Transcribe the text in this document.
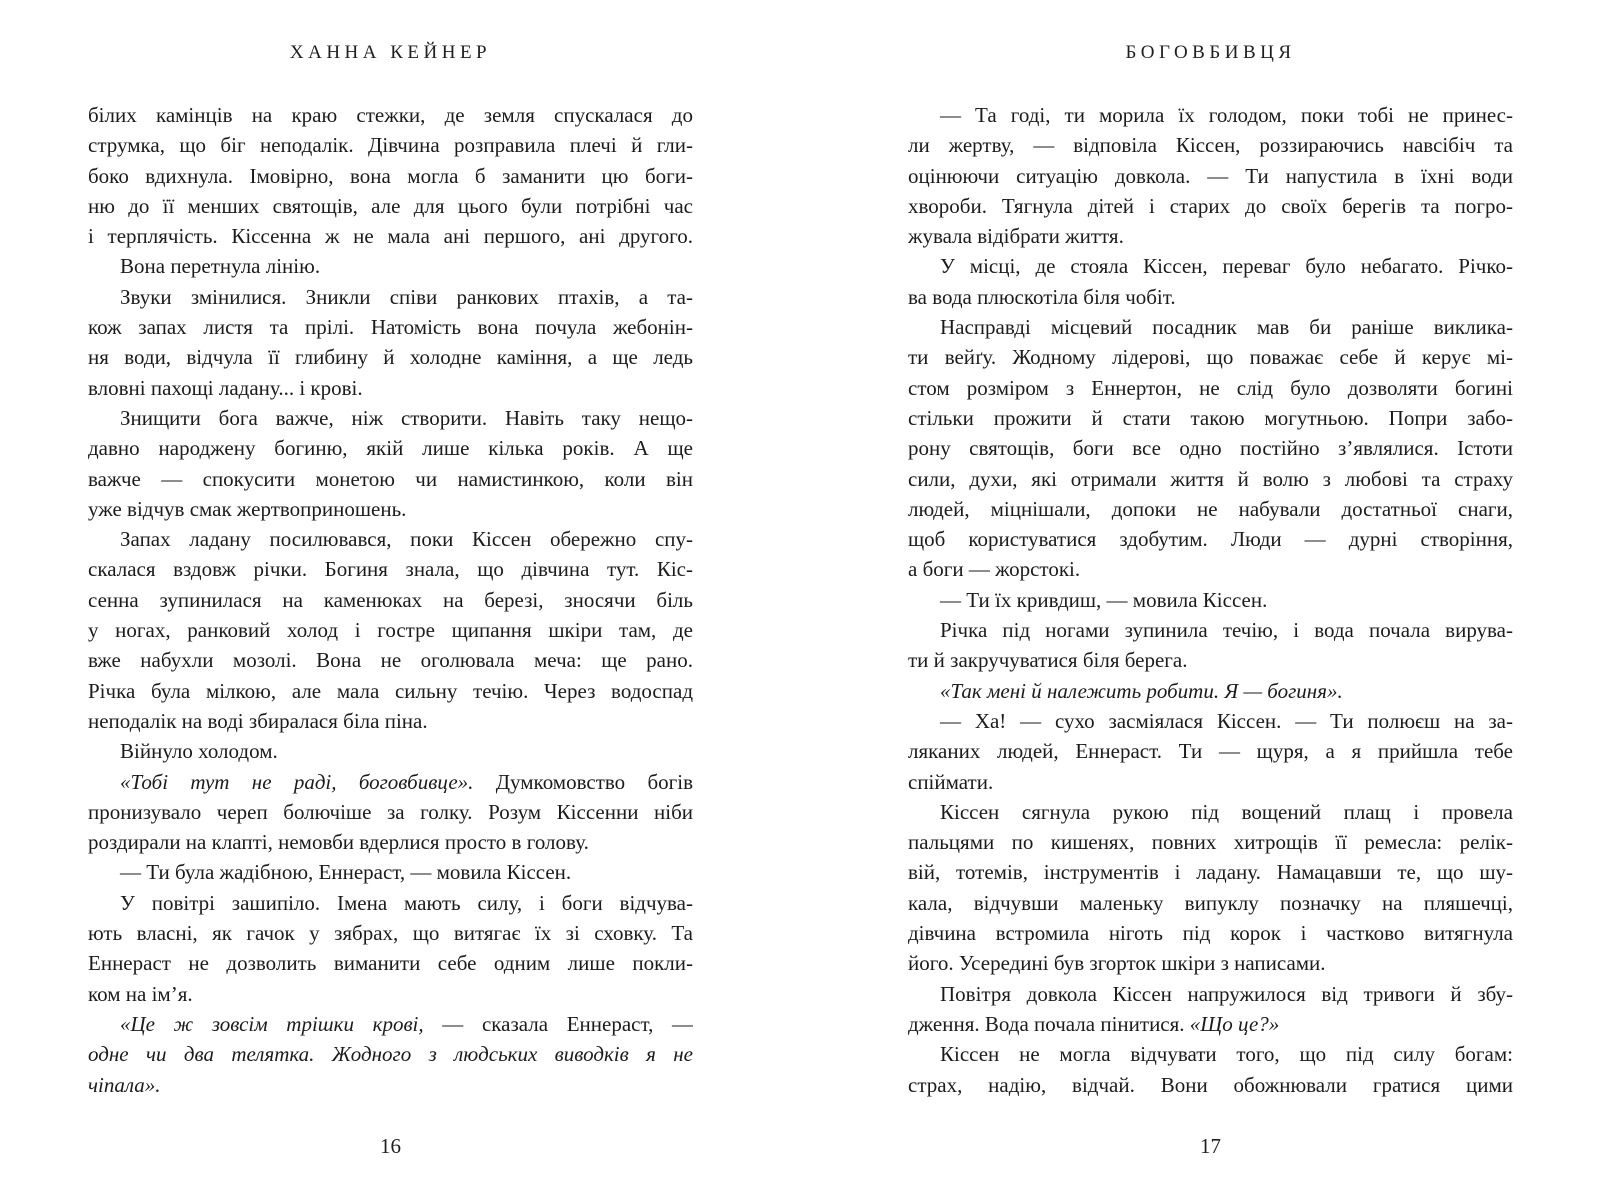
ХАННА КЕЙНЕР
білих камінців на краю стежки, де земля спускалася до
струмка, що біг неподалік. Дівчина розправила плечі й гли-
боко вдихнула. Імовірно, вона могла б заманити цю боги-
ню до її менших святощів, але для цього були потрібні час
і терплячість. Кіссенна ж не мала ані першого, ані другого.
Вона перетнула лінію.
Звуки змінилися. Зникли співи ранкових птахів, а та-
кож запах листя та прілі. Натомість вона почула жебонін-
ня води, відчула її глибину й холодне каміння, а ще ледь
вловні пахощі ладану... і крові.
Знищити бога важче, ніж створити. Навіть таку нещо-
давно народжену богиню, якій лише кілька років. А ще
важче — спокусити монетою чи намистинкою, коли він
уже відчув смак жертвоприношень.
Запах ладану посилювався, поки Кіссен обережно спу-
скалася вздовж річки. Богиня знала, що дівчина тут. Кіс-
сенна зупинилася на каменюках на березі, зносячи біль
у ногах, ранковий холод і гостре щипання шкіри там, де
вже набухли мозолі. Вона не оголювала меча: ще рано.
Річка була мілкою, але мала сильну течію. Через водоспад
неподалік на воді збиралася біла піна.
Війнуло холодом.
«Тобі тут не раді, боговбивце». Думкомовство богів
пронизувало череп болючіше за голку. Розум Кіссенни ніби
роздирали на клапті, немовби вдерлися просто в голову.
— Ти була жадібною, Еннераст, — мовила Кіссен.
У повітрі зашипіло. Імена мають силу, і боги відчува-
ють власні, як гачок у зябрах, що витягає їх зі сховку. Та
Еннераст не дозволить виманити себе одним лише покли-
ком на ім’я.
«Це ж зовсім трішки крові, — сказала Еннераст, —
одне чи два телятка. Жодного з людських виводків я не
чіпала».
16
БОГОВБИВЦЯ
— Та годі, ти морила їх голодом, поки тобі не принес-
ли жертву, — відповіла Кіссен, роззираючись навсібіч та
оцінюючи ситуацію довкола. — Ти напустила в їхні води
хвороби. Тягнула дітей і старих до своїх берегів та погро-
жувала відібрати життя.
У місці, де стояла Кіссен, переваг було небагато. Річко-
ва вода плюскотіла біля чобіт.
Насправді місцевий посадник мав би раніше виклика-
ти вейґу. Жодному лідерові, що поважає себе й керує мі-
стом розміром з Еннертон, не слід було дозволяти богині
стільки прожити й стати такою могутньою. Попри забо-
рону святощів, боги все одно постійно з’являлися. Істоти
сили, духи, які отримали життя й волю з любові та страху
людей, міцнішали, допоки не набували достатньої снаги,
щоб користуватися здобутим. Люди — дурні створіння,
а боги — жорстокі.
— Ти їх кривдиш, — мовила Кіссен.
Річка під ногами зупинила течію, і вода почала вирува-
ти й закручуватися біля берега.
«Так мені й належить робити. Я — богиня».
— Ха! — сухо засміялася Кіссен. — Ти полюєш на за-
ляканих людей, Еннераст. Ти — щуря, а я прийшла тебе
спіймати.
Кіссен сягнула рукою під вощений плащ і провела
пальцями по кишенях, повних хитрощів її ремесла: релік-
вій, тотемів, інструментів і ладану. Намацавши те, що шу-
кала, відчувши маленьку випуклу позначку на пляшечці,
дівчина встромила ніготь під корок і частково витягнула
його. Усередині був згорток шкіри з написами.
Повітря довкола Кіссен напружилося від тривоги й збу-
дження. Вода почала пінитися. «Що це?»
Кіссен не могла відчувати того, що під силу богам:
страх, надію, відчай. Вони обожнювали гратися цими
17
